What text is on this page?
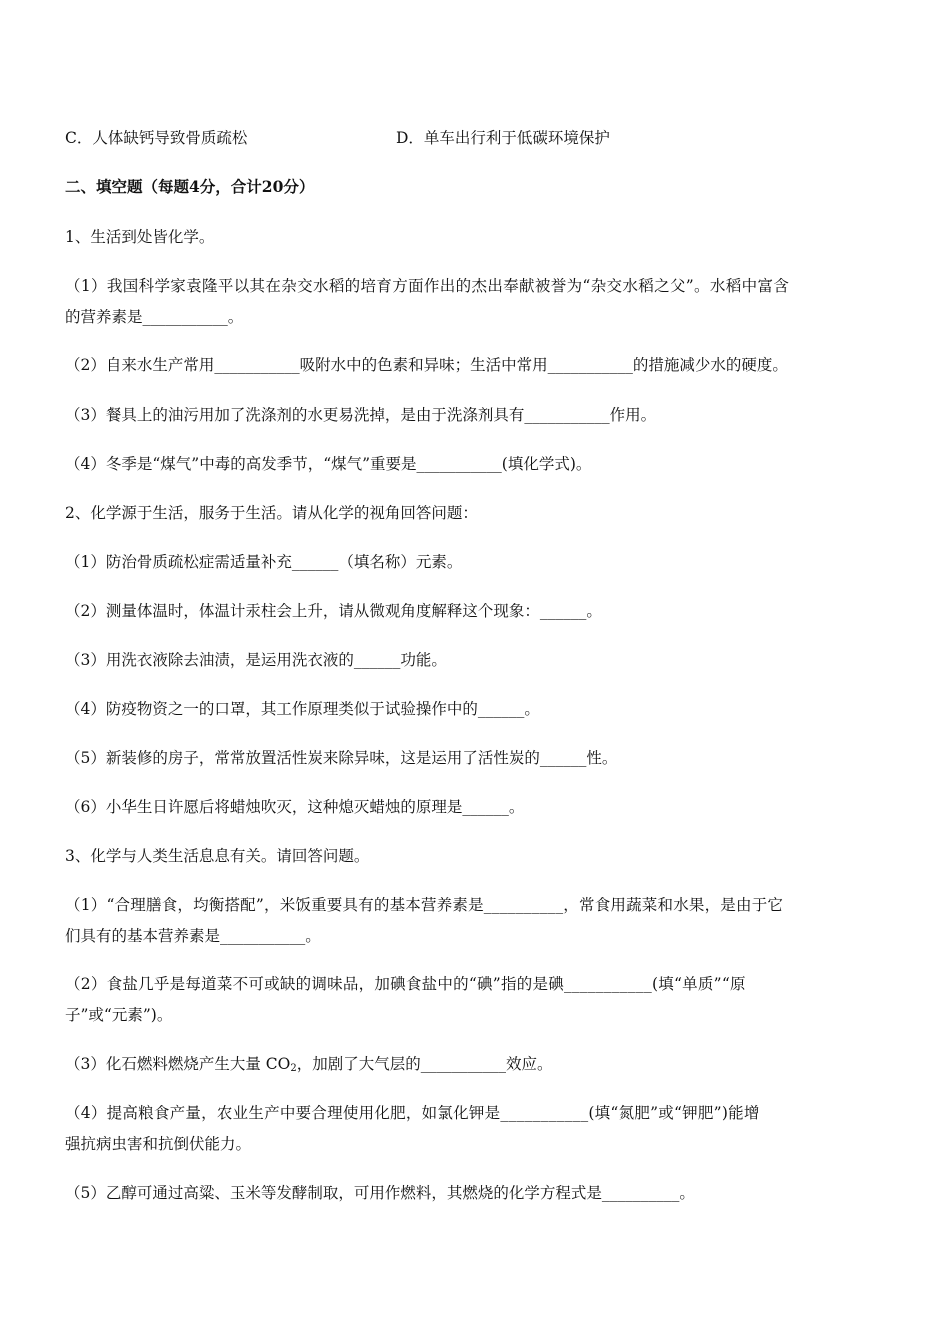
C．人体缺钙导致骨质疏松	D．单车出行利于低碳环境保护
二、填空题（每题4分，合计20分）
1、生活到处皆化学。
（1）我国科学家袁隆平以其在杂交水稻的培育方面作出的杰出奉献被誉为“杂交水稻之父”。水稻中富含
的营养素是___________。
（2）自来水生产常用___________吸附水中的色素和异味；生活中常用___________的措施减少水的硬度。
（3）餐具上的油污用加了洗涤剂的水更易洗掉，是由于洗涤剂具有___________作用。
（4）冬季是“煤气”中毒的高发季节，“煤气”重要是___________(填化学式)。
2、化学源于生活，服务于生活。请从化学的视角回答问题：
（1）防治骨质疏松症需适量补充______（填名称）元素。
（2）测量体温时，体温计汞柱会上升，请从微观角度解释这个现象：______。
（3）用洗衣液除去油渍，是运用洗衣液的______功能。
（4）防疫物资之一的口罩，其工作原理类似于试验操作中的______。
（5）新装修的房子，常常放置活性炭来除异味，这是运用了活性炭的______性。
（6）小华生日许愿后将蜡烛吹灭，这种熄灭蜡烛的原理是______。
3、化学与人类生活息息有关。请回答问题。
（1）“合理膳食，均衡搭配”，米饭重要具有的基本营养素是__________，常食用蔬菜和水果，是由于它
们具有的基本营养素是___________。
（2）食盐几乎是每道菜不可或缺的调味品，加碘食盐中的“碘”指的是碘___________(填“单质”“原
子”或“元素”)。
（3）化石燃料燃烧产生大量 $CO_2$，加剧了大气层的___________效应。
（4）提高粮食产量，农业生产中要合理使用化肥，如氯化钾是___________(填“氮肥”或“钾肥”)能增
强抗病虫害和抗倒伏能力。
（5）乙醇可通过高粱、玉米等发酵制取，可用作燃料，其燃烧的化学方程式是__________。
